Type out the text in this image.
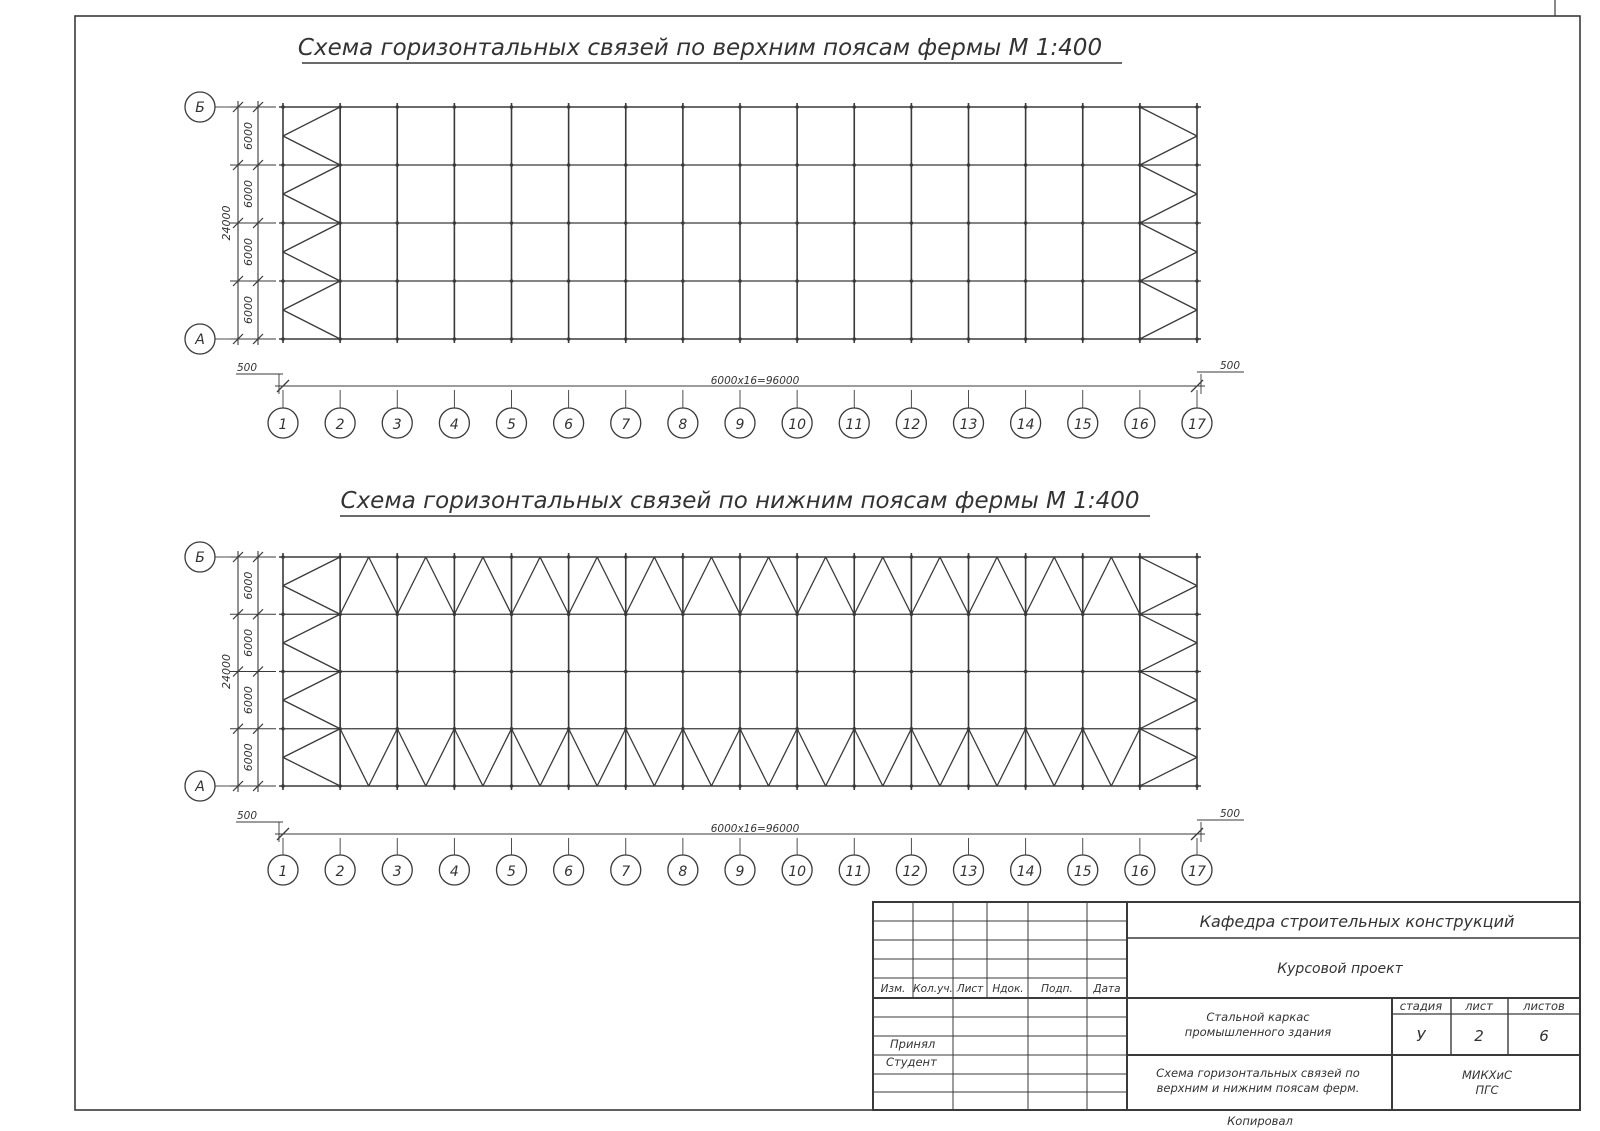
Схема горизонтальных связей по верхним поясам фермы М 1:400
24000
6000
6000
6000
6000
Б
А
6000x16=96000
500	500
1	2	3	4	5	6	7	8	9	10	11	12	13	14	15	16	17
Схема горизонтальных связей по нижним поясам фермы М 1:400
24000
6000
6000
6000
6000
Б
А
6000x16=96000
500	500
1	2	3	4	5	6	7	8	9	10	11	12	13	14	15	16	17
Изм. Кол.уч. Лист Ндок. Подп. Дата
Принял
Студент
Кафедра строительных конструкций
Курсовой проект
Стальной каркас
промышленного здания
стадия лист	листов
У	2	6
Схема горизонтальных связей по
верхним и нижним поясам ферм.
МИКХиС
ПГС
Копировал
